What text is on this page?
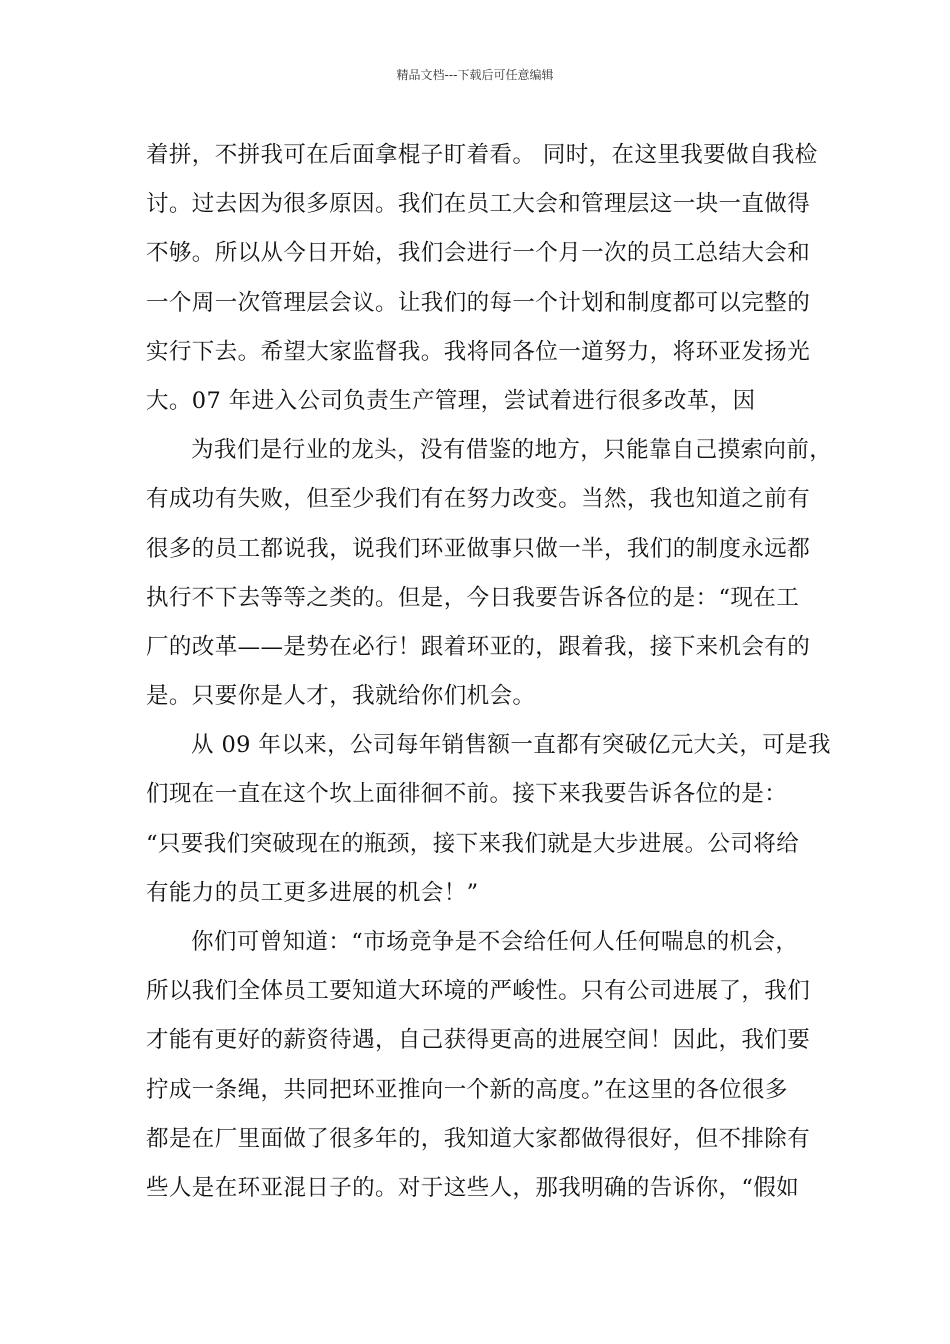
精品文档---下载后可任意编辑
着拼，不拼我可在后面拿棍子盯着看。 同时，在这里我要做自我检
讨。过去因为很多原因。我们在员工大会和管理层这一块一直做得
不够。所以从今日开始，我们会进行一个月一次的员工总结大会和
一个周一次管理层会议。让我们的每一个计划和制度都可以完整的
实行下去。希望大家监督我。我将同各位一道努力，将环亚发扬光
大。07 年进入公司负责生产管理，尝试着进行很多改革，因
为我们是行业的龙头，没有借鉴的地方，只能靠自己摸索向前，
有成功有失败，但至少我们有在努力改变。当然，我也知道之前有
很多的员工都说我，说我们环亚做事只做一半，我们的制度永远都
执行不下去等等之类的。但是，今日我要告诉各位的是：“现在工
厂的改革——是势在必行！跟着环亚的，跟着我，接下来机会有的
是。只要你是人才，我就给你们机会。
从 09 年以来，公司每年销售额一直都有突破亿元大关，可是我
们现在一直在这个坎上面徘徊不前。接下来我要告诉各位的是：
“只要我们突破现在的瓶颈，接下来我们就是大步进展。公司将给
有能力的员工更多进展的机会！”
你们可曾知道：“市场竞争是不会给任何人任何喘息的机会，
所以我们全体员工要知道大环境的严峻性。只有公司进展了，我们
才能有更好的薪资待遇，自己获得更高的进展空间！因此，我们要
拧成一条绳，共同把环亚推向一个新的高度。”在这里的各位很多
都是在厂里面做了很多年的，我知道大家都做得很好，但不排除有
些人是在环亚混日子的。对于这些人，那我明确的告诉你，“假如
